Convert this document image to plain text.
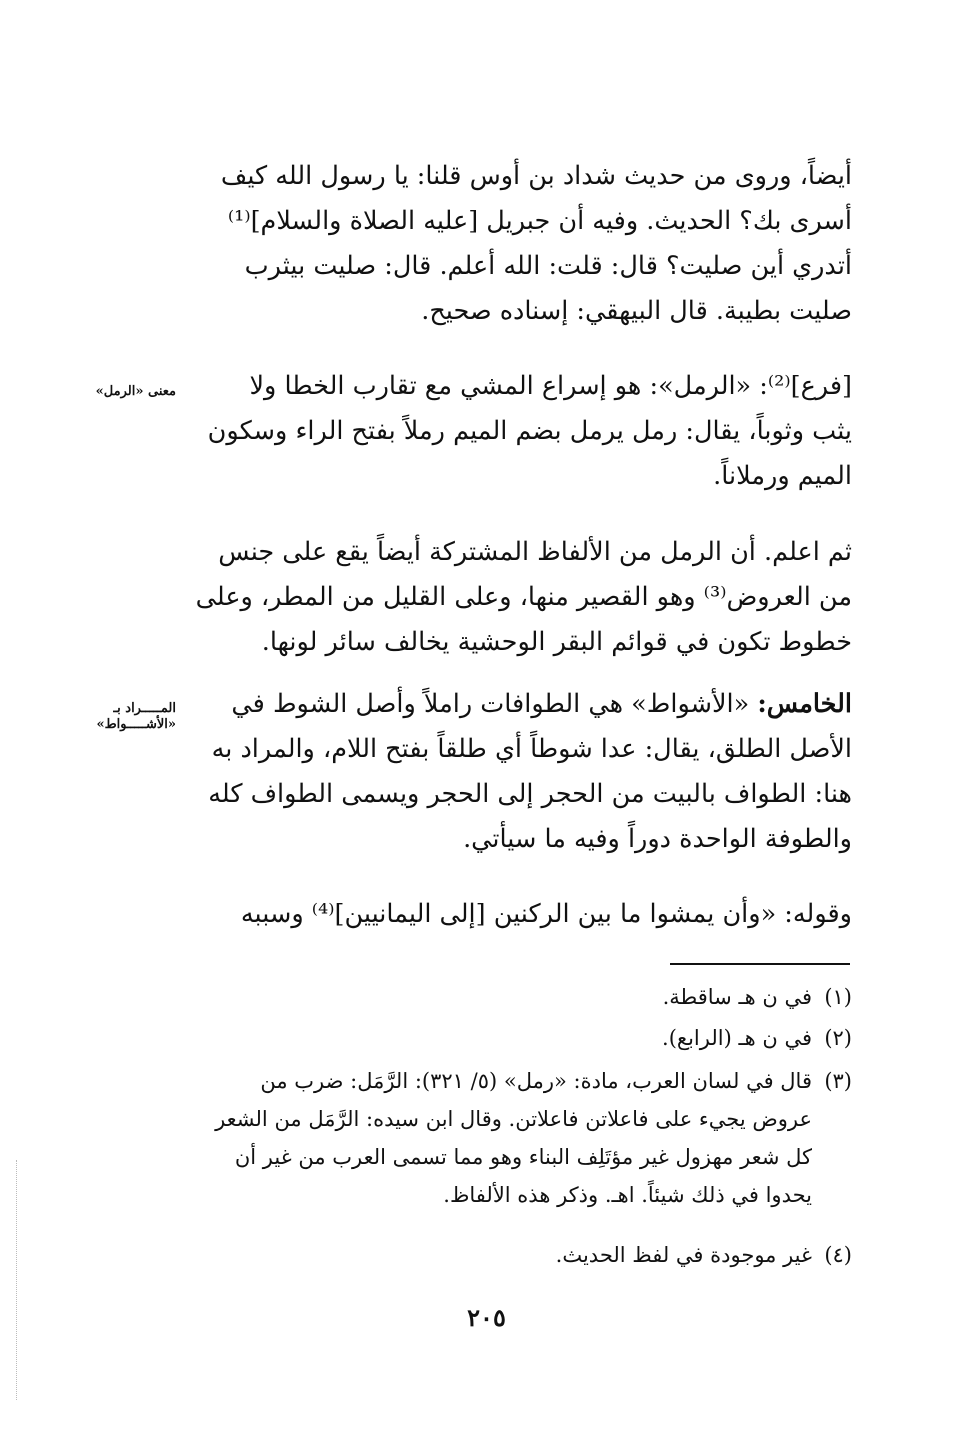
أيضاً، وروى من حديث شداد بن أوس قلنا: يا رسول الله كيف
أسرى بك؟ الحديث. وفيه أن جبريل [عليه الصلاة والسلام]⁽¹⁾
أتدري أين صليت؟ قال: قلت: الله أعلم. قال: صليت بيثرب
صليت بطيبة. قال البيهقي: إسناده صحيح.
[فرع]⁽²⁾: «الرمل»: هو إسراع المشي مع تقارب الخطا ولا
يثب وثوباً، يقال: رمل يرمل بضم الميم رملاً بفتح الراء وسكون
الميم ورملاناً.
معنى «الرمل»
ثم اعلم. أن الرمل من الألفاظ المشتركة أيضاً يقع على جنس
من العروض⁽³⁾ وهو القصير منها، وعلى القليل من المطر، وعلى
خطوط تكون في قوائم البقر الوحشية يخالف سائر لونها.
الخامس: «الأشواط» هي الطوافات راملاً وأصل الشوط في
الأصل الطلق، يقال: عدا شوطاً أي طلقاً بفتح اللام، والمراد به
هنا: الطواف بالبيت من الحجر إلى الحجر ويسمى الطواف كله
والطوفة الواحدة دوراً وفيه ما سيأتي.
المـــــراد بـ
«الأشـــــواط»
وقوله: «وأن يمشوا ما بين الركنين [إلى اليمانيين]⁽⁴⁾ وسببه
(١)
في ن هـ ساقطة.
(٢)
في ن هـ (الرابع).
(٣)
قال في لسان العرب، مادة: «رمل» (٥/ ٣٢١): الرَّمَل: ضرب من
عروض يجيء على فاعلاتن فاعلاتن. وقال ابن سيده: الرَّمَل من الشعر
كل شعر مهزول غير مؤتَلِف البناء وهو مما تسمى العرب من غير أن
يحدوا في ذلك شيئاً. اهـ. وذكر هذه الألفاظ.
(٤)
غير موجودة في لفظ الحديث.
٢٠٥
